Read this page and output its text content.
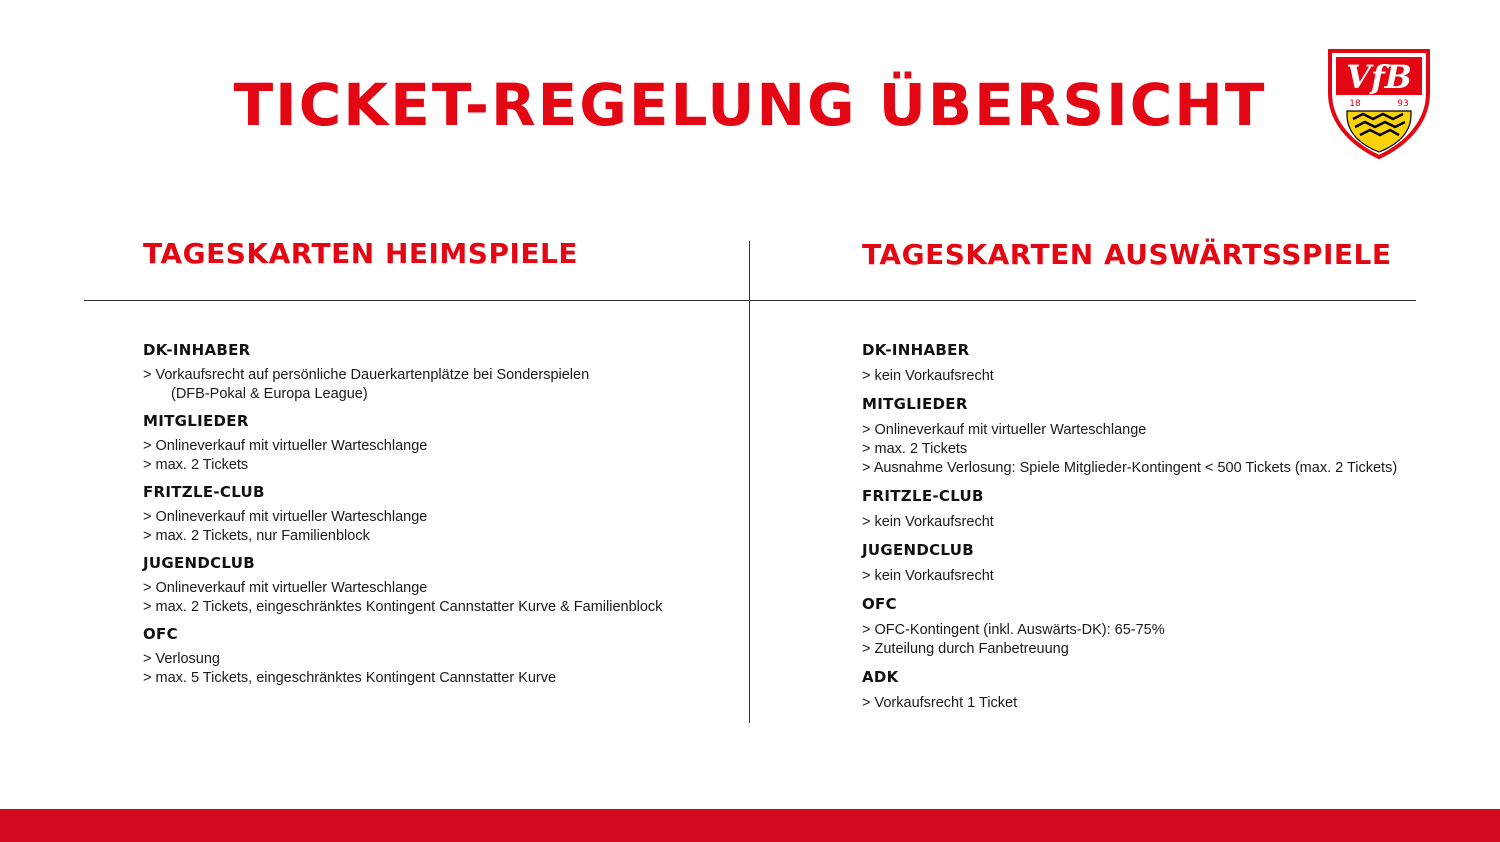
TICKET-REGELUNG ÜBERSICHT	VfB
18	93
TAGESKARTEN HEIMSPIELE	TAGESKARTEN AUSWÄRTSSPIELE

DK-INHABER

> Vorkaufsrecht auf persönliche Dauerkartenplätze bei Sonderspielen

(DFB-Pokal & Europa League)

MITGLIEDER

> Onlineverkauf mit virtueller Warteschlange

> max. 2 Tickets

FRITZLE-CLUB

> Onlineverkauf mit virtueller Warteschlange

> max. 2 Tickets, nur Familienblock

JUGENDCLUB

> Onlineverkauf mit virtueller Warteschlange

> max. 2 Tickets, eingeschränktes Kontingent Cannstatter Kurve & Familienblock

OFC

> Verlosung

> max. 5 Tickets, eingeschränktes Kontingent Cannstatter Kurve

DK-INHABER

> kein Vorkaufsrecht

MITGLIEDER

> Onlineverkauf mit virtueller Warteschlange

> max. 2 Tickets

> Ausnahme Verlosung: Spiele Mitglieder-Kontingent < 500 Tickets (max. 2 Tickets)

FRITZLE-CLUB

> kein Vorkaufsrecht

JUGENDCLUB

> kein Vorkaufsrecht

OFC

> OFC-Kontingent (inkl. Auswärts-DK): 65-75%

> Zuteilung durch Fanbetreuung

ADK

> Vorkaufsrecht 1 Ticket
